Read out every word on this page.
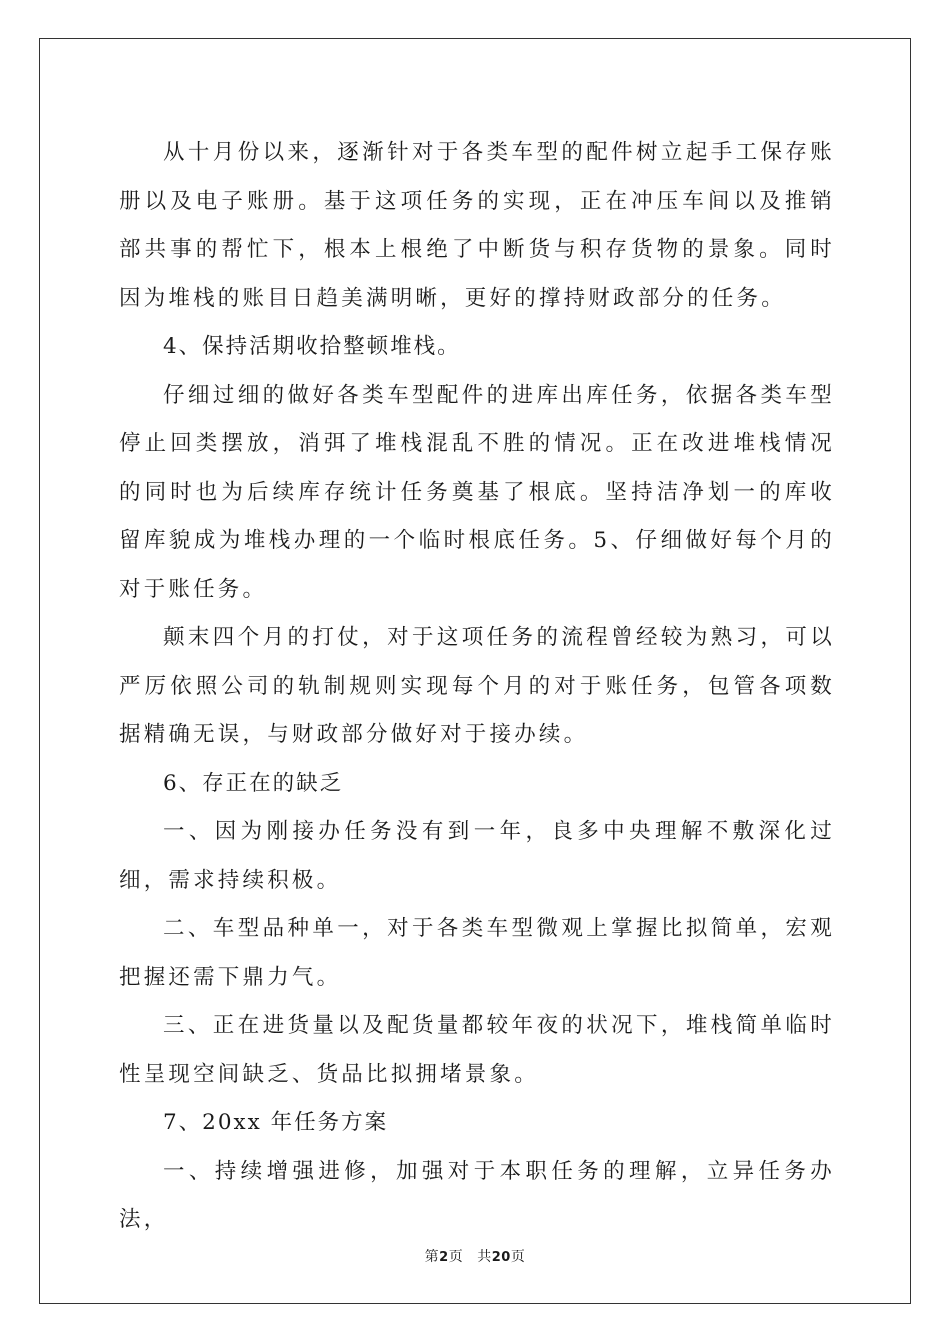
从十月份以来，逐渐针对于各类车型的配件树立起手工保存账册以及电子账册。基于这项任务的实现，正在冲压车间以及推销部共事的帮忙下，根本上根绝了中断货与积存货物的景象。同时因为堆栈的账目日趋美满明晰，更好的撑持财政部分的任务。

4、保持活期收拾整顿堆栈。

仔细过细的做好各类车型配件的进库出库任务，依据各类车型停止回类摆放，消弭了堆栈混乱不胜的情况。正在改进堆栈情况的同时也为后续库存统计任务奠基了根底。坚持洁净划一的库收留库貌成为堆栈办理的一个临时根底任务。5、仔细做好每个月的对于账任务。

颠末四个月的打仗，对于这项任务的流程曾经较为熟习，可以严厉依照公司的轨制规则实现每个月的对于账任务，包管各项数据精确无误，与财政部分做好对于接办续。

6、存正在的缺乏

一、因为刚接办任务没有到一年，良多中央理解不敷深化过细，需求持续积极。

二、车型品种单一，对于各类车型微观上掌握比拟简单，宏观把握还需下鼎力气。

三、正在进货量以及配货量都较年夜的状况下，堆栈简单临时性呈现空间缺乏、货品比拟拥堵景象。

7、20xx 年任务方案

一、持续增强进修，加强对于本职任务的理解，立异任务办法，

第2页 共20页
